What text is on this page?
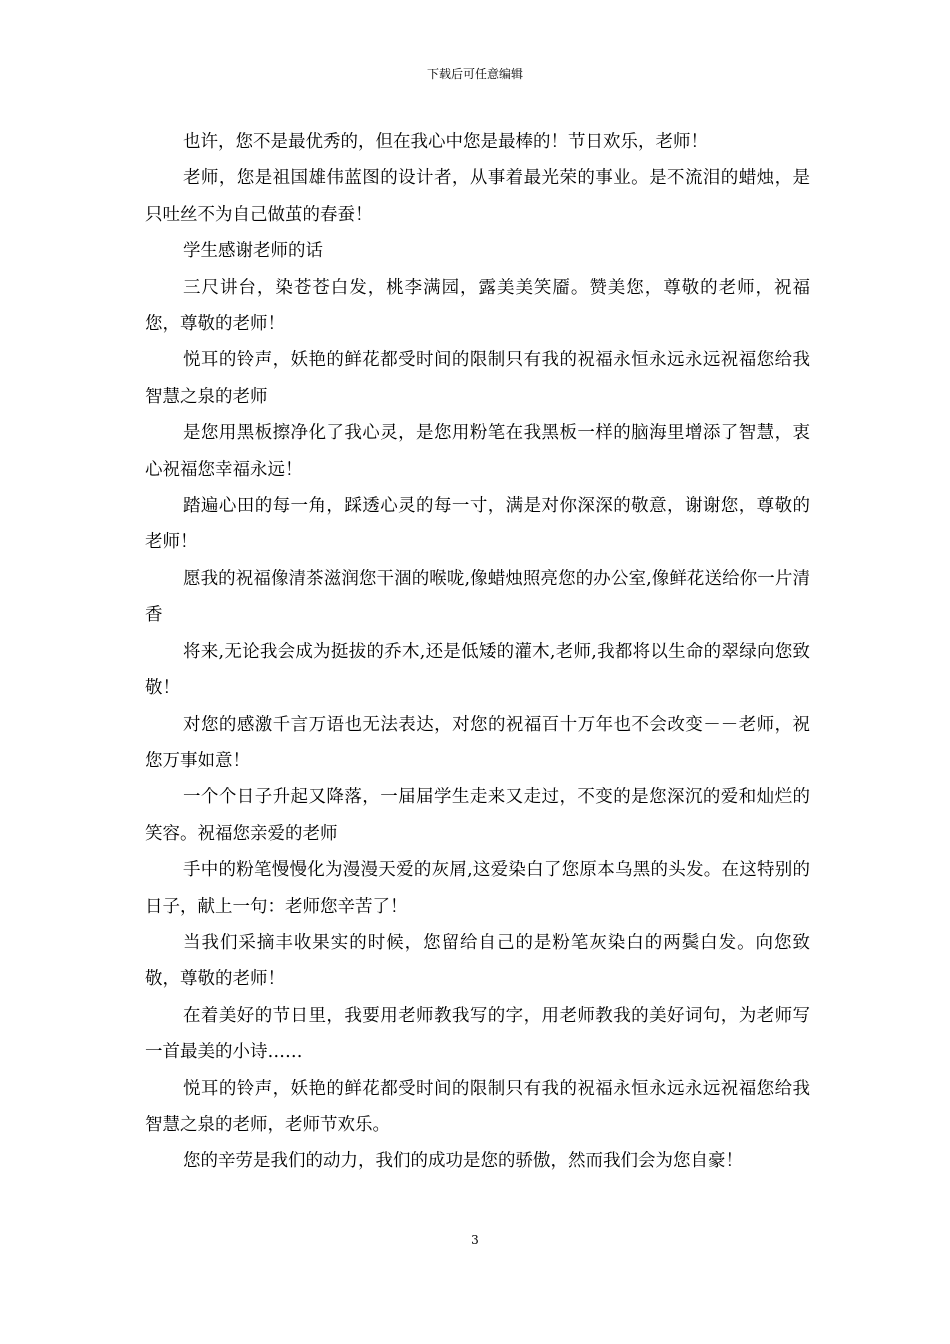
下载后可任意编辑

也许，您不是最优秀的，但在我心中您是最棒的！节日欢乐，老师！

老师，您是祖国雄伟蓝图的设计者，从事着最光荣的事业。是不流泪的蜡烛，是只吐丝不为自己做茧的春蚕！

学生感谢老师的话

三尺讲台，染苍苍白发，桃李满园，露美美笑靥。赞美您，尊敬的老师，祝福您，尊敬的老师！

悦耳的铃声，妖艳的鲜花都受时间的限制只有我的祝福永恒永远永远祝福您给我智慧之泉的老师

是您用黑板擦净化了我心灵，是您用粉笔在我黑板一样的脑海里增添了智慧，衷心祝福您幸福永远！

踏遍心田的每一角，踩透心灵的每一寸，满是对你深深的敬意，谢谢您，尊敬的老师！

愿我的祝福像清茶滋润您干涸的喉咙,像蜡烛照亮您的办公室,像鲜花送给你一片清香

将来,无论我会成为挺拔的乔木,还是低矮的灌木,老师,我都将以生命的翠绿向您致敬！

对您的感激千言万语也无法表达，对您的祝福百十万年也不会改变－－老师，祝您万事如意！

一个个日子升起又降落，一届届学生走来又走过，不变的是您深沉的爱和灿烂的笑容。祝福您亲爱的老师

手中的粉笔慢慢化为漫漫天爱的灰屑,这爱染白了您原本乌黑的头发。在这特别的日子，献上一句：老师您辛苦了！

当我们采摘丰收果实的时候，您留给自己的是粉笔灰染白的两鬓白发。向您致敬，尊敬的老师！

在着美好的节日里，我要用老师教我写的字，用老师教我的美好词句，为老师写一首最美的小诗……

悦耳的铃声，妖艳的鲜花都受时间的限制只有我的祝福永恒永远永远祝福您给我智慧之泉的老师，老师节欢乐。

您的辛劳是我们的动力，我们的成功是您的骄傲，然而我们会为您自豪！

3
